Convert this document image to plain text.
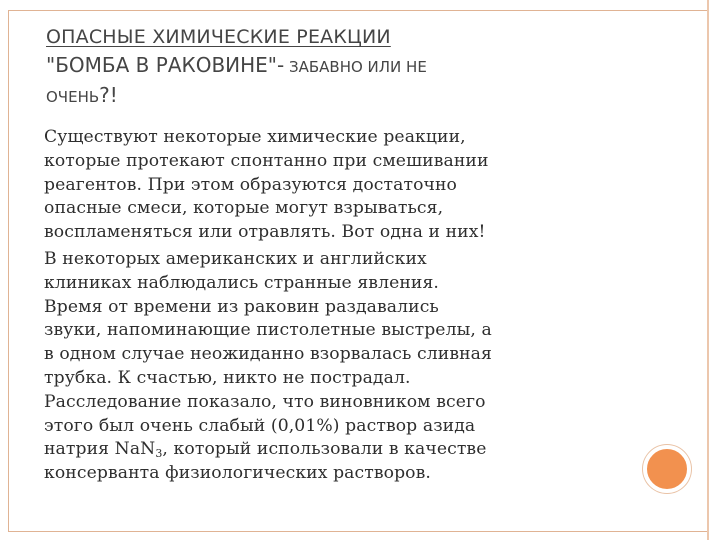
ОПАСНЫЕ ХИМИЧЕСКИЕ РЕАКЦИИ
"БОМБА В РАКОВИНЕ"- ЗАБАВНО ИЛИ НЕ
ОЧЕНЬ?!

Существуют некоторые химические реакции,
которые протекают спонтанно при смешивании
реагентов. При этом образуются достаточно
опасные смеси, которые могут взрываться,
воспламеняться или отравлять. Вот одна и них!

В некоторых американских и английских
клиниках наблюдались странные явления.
Время от времени из раковин раздавались
звуки, напоминающие пистолетные выстрелы, а
в одном случае неожиданно взорвалась сливная
трубка. К счастью, никто не пострадал.
Расследование показало, что виновником всего
этого был очень слабый (0,01%) раствор азида
натрия NaN$_3$, который использовали в качестве
консерванта физиологических растворов.
